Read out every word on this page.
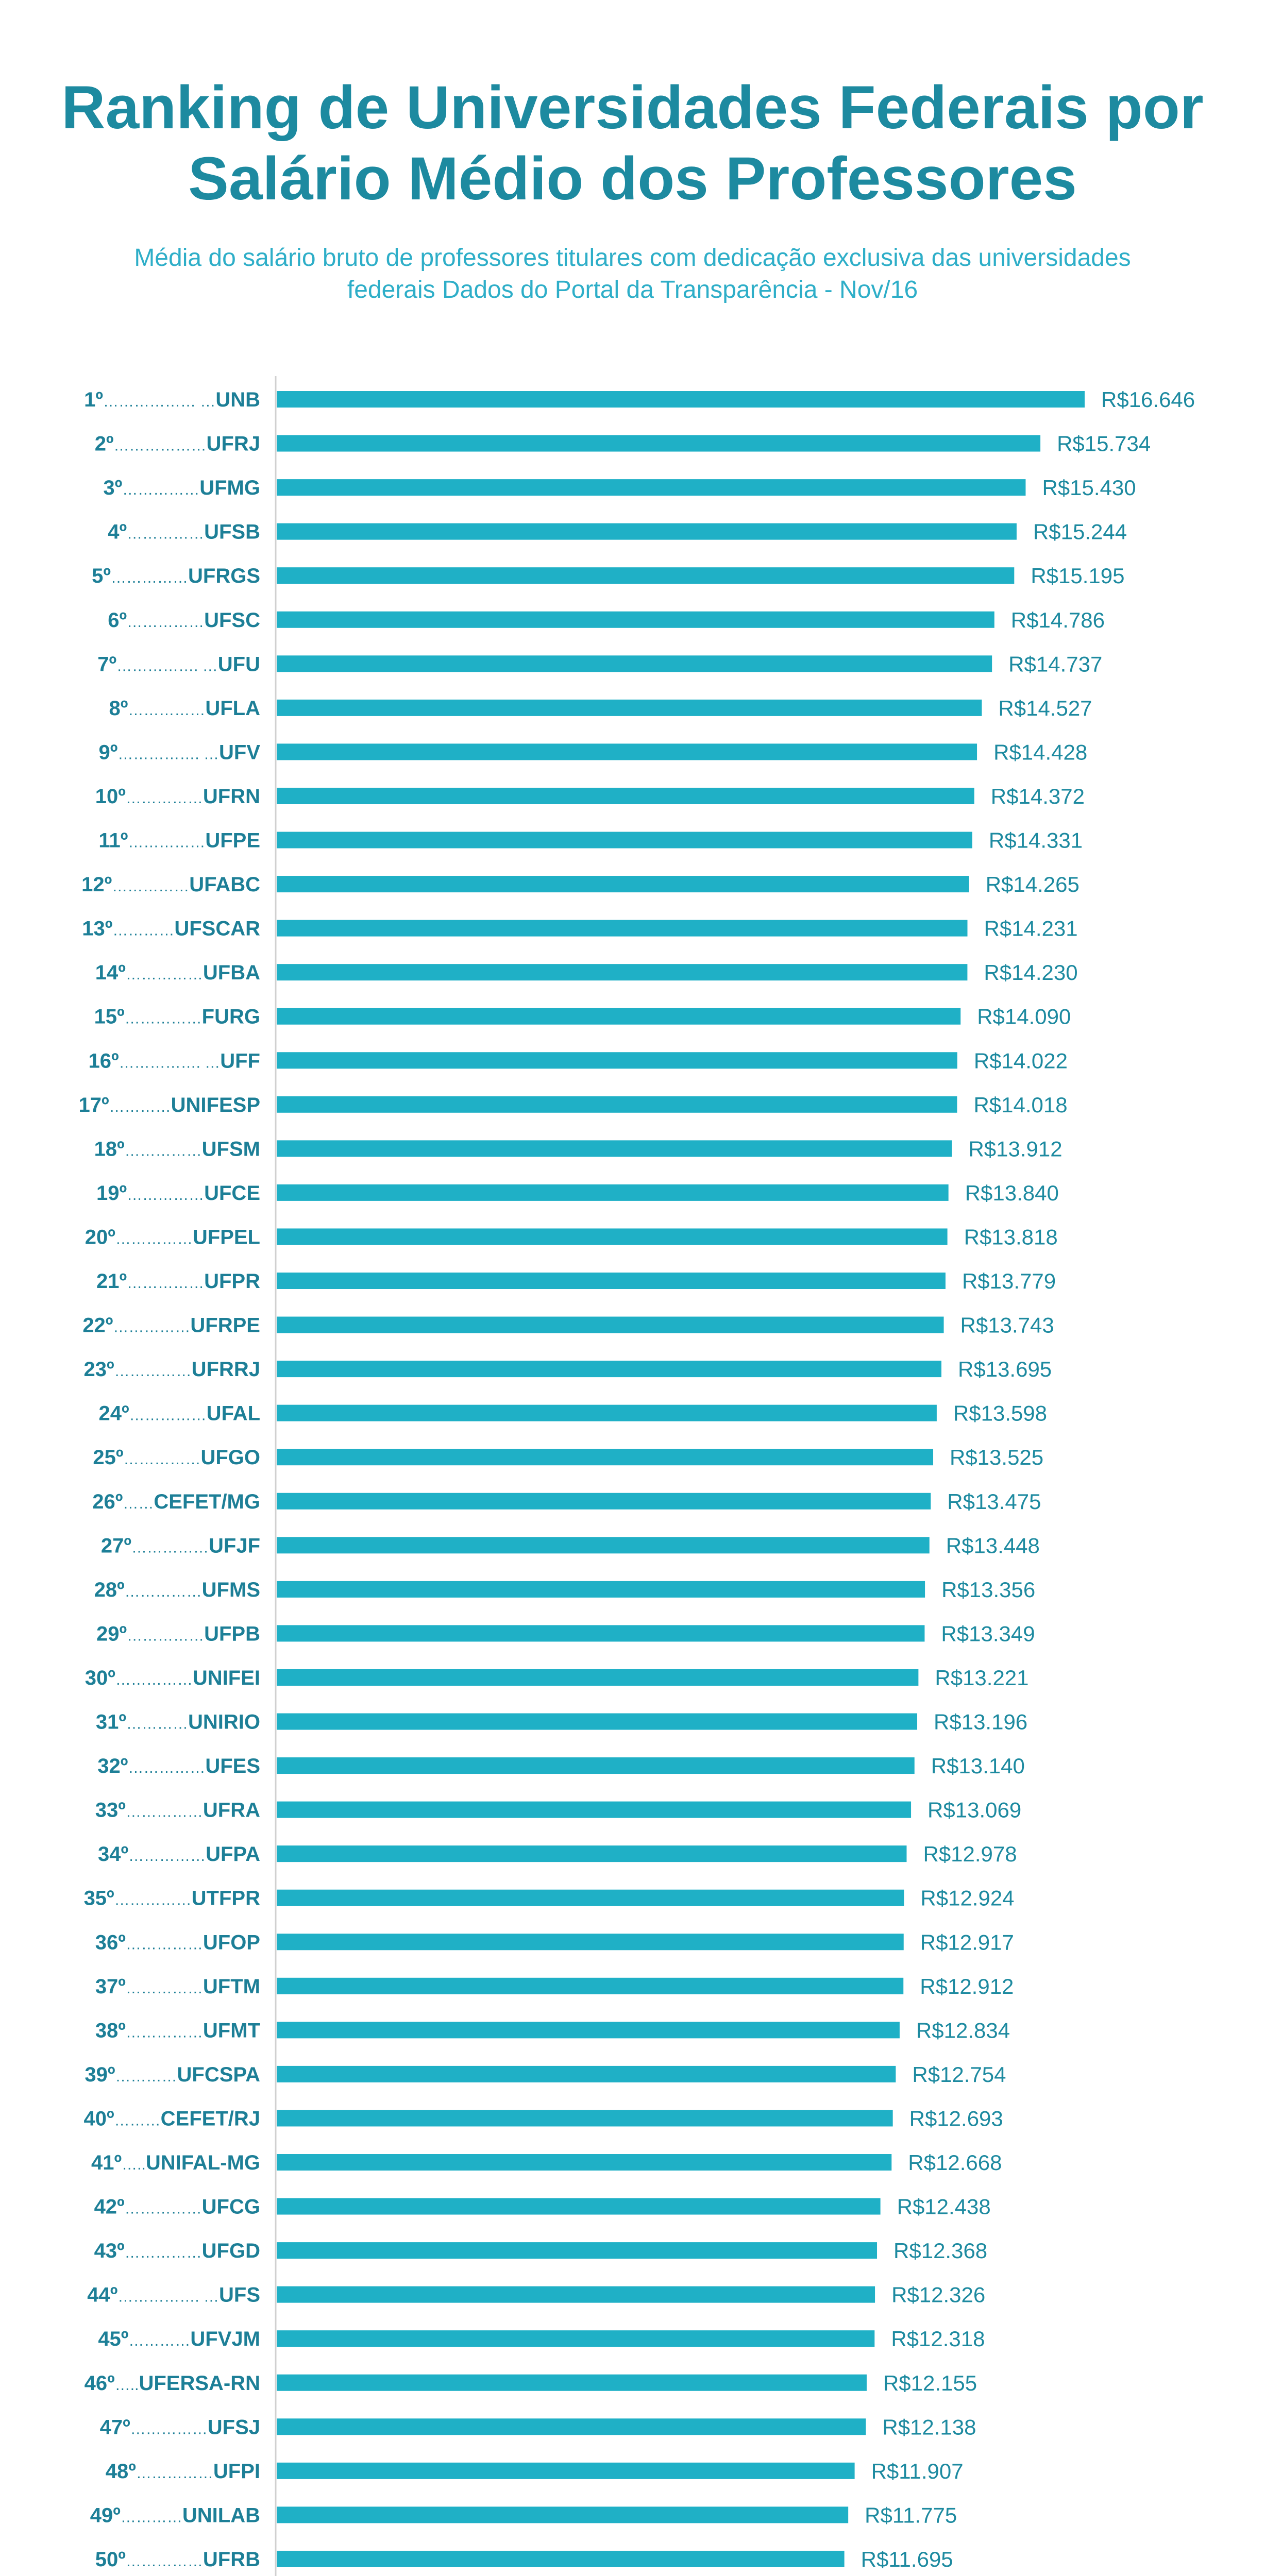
Ranking de Universidades Federais por
Salário Médio dos Professores
Média do salário bruto de professores titulares com dedicação exclusiva das universidades
federais Dados do Portal da Transparência - Nov/16
1º……………… …UNB	R$16.646
2º………………UFRJ	R$15.734
3º……………UFMG	R$15.430
4º……………UFSB	R$15.244
5º……………UFRGS	R$15.195
6º……………UFSC	R$14.786
7º……………. …UFU	R$14.737
8º……………UFLA	R$14.527
9º……………. …UFV	R$14.428
10º……………UFRN	R$14.372
11º……………UFPE	R$14.331
12º……………UFABC	R$14.265
13º…………UFSCAR	R$14.231
14º……………UFBA	R$14.230
15º……………FURG	R$14.090
16º……………. …UFF	R$14.022
17º…………UNIFESP	R$14.018
18º……………UFSM	R$13.912
19º……………UFCE	R$13.840
20º……………UFPEL	R$13.818
21º……………UFPR	R$13.779
22º……………UFRPE	R$13.743
23º……………UFRRJ	R$13.695
24º……………UFAL	R$13.598
25º……………UFGO	R$13.525
26º……CEFET/MG	R$13.475
27º……………UFJF	R$13.448
28º……………UFMS	R$13.356
29º……………UFPB	R$13.349
30º……………UNIFEI	R$13.221
31º…………UNIRIO	R$13.196
32º……………UFES	R$13.140
33º……………UFRA	R$13.069
34º……………UFPA	R$12.978
35º……………UTFPR	R$12.924
36º……………UFOP	R$12.917
37º……………UFTM	R$12.912
38º……………UFMT	R$12.834
39º…………UFCSPA	R$12.754
40º………CEFET/RJ	R$12.693
41º…..UNIFAL-MG	R$12.668
42º……………UFCG	R$12.438
43º……………UFGD	R$12.368
44º……………. …UFS	R$12.326
45º…………UFVJM	R$12.318
46º…..UFERSA-RN	R$12.155
47º……………UFSJ	R$12.138
48º……………UFPI	R$11.907
49º…………UNILAB	R$11.775
50º……………UFRB	R$11.695
